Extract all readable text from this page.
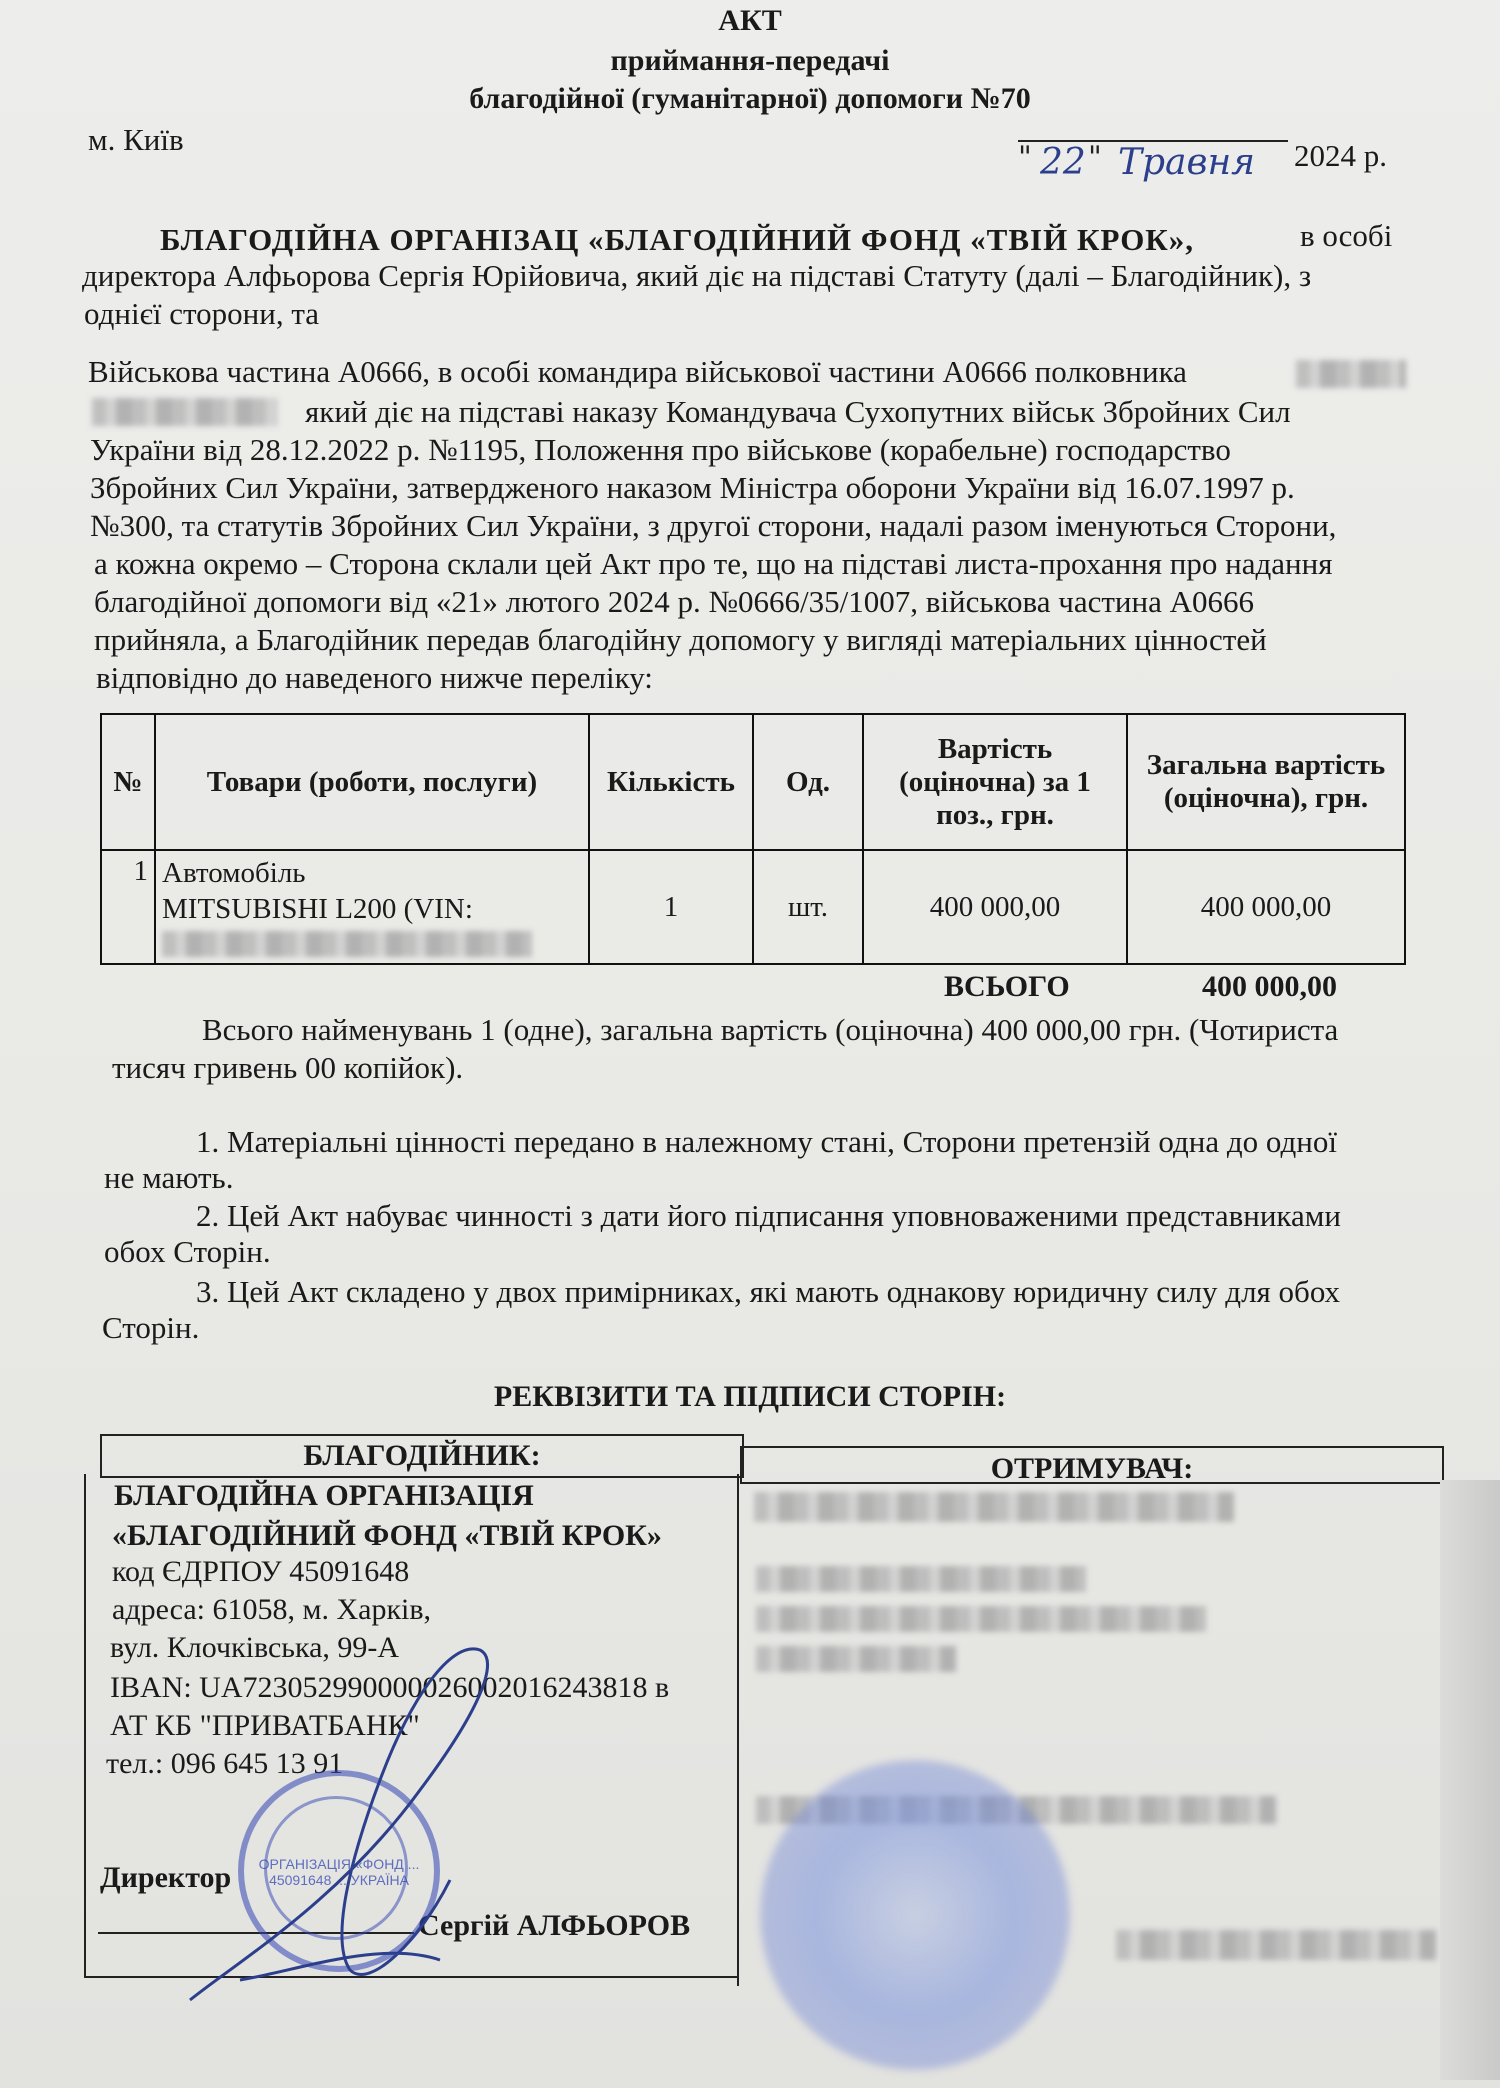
АКТ
приймання-передачі
благодійної (гуманітарної) допомоги №70
м. Київ
" 22 " Травня 2024 р.
БЛАГОДІЙНА ОРГАНІЗАЦ «БЛАГОДІЙНИЙ ФОНД «ТВІЙ КРОК»,	в особі
директора Алфьорова Сергія Юрійовича, який діє на підставі Статуту (далі – Благодійник), з
однієї сторони, та
Військова частина А0666, в особі командира військової частини А0666 полковника
який діє на підставі наказу Командувача Сухопутних військ Збройних Сил
України від 28.12.2022 р. №1195, Положення про військове (корабельне) господарство
Збройних Сил України, затвердженого наказом Міністра оборони України від 16.07.1997 р.
№300, та статутів Збройних Сил України, з другої сторони, надалі разом іменуються Сторони,
а кожна окремо – Сторона склали цей Акт про те, що на підставі листа-прохання про надання
благодійної допомоги від «21» лютого 2024 р. №0666/35/1007, військова частина А0666
прийняла, а Благодійник передав благодійну допомогу у вигляді матеріальних цінностей
відповідно до наведеного нижче переліку:
№	Товари (роботи, послуги)	Кількість	Од.	Вартість (оціночна) за 1 поз., грн.	Загальна вартість (оціночна), грн.
1	Автомобіль
MITSUBISHI L200 (VIN:	1	шт.	400 000,00	400 000,00
ВСЬОГО	400 000,00
Всього найменувань 1 (одне), загальна вартість (оціночна) 400 000,00 грн. (Чотириста
тисяч гривень 00 копійок).
1. Матеріальні цінності передано в належному стані, Сторони претензій одна до одної
не мають.
2. Цей Акт набуває чинності з дати його підписання уповноваженими представниками
обох Сторін.
3. Цей Акт складено у двох примірниках, які мають однакову юридичну силу для обох
Сторін.
РЕКВІЗИТИ ТА ПІДПИСИ СТОРІН:
БЛАГОДІЙНИК:	ОТРИМУВАЧ:
БЛАГОДІЙНА ОРГАНІЗАЦІЯ
«БЛАГОДІЙНИЙ ФОНД «ТВІЙ КРОК»
код ЄДРПОУ 45091648
адреса: 61058, м. Харків,
вул. Клочківська, 99-А
IBAN: UA723052990000026002016243818 в
АТ КБ "ПРИВАТБАНК"
тел.: 096 645 13 91
Директор
Сергій АЛФЬОРОВ
ОРГАНІЗАЦІЯ «ФОНД ... 45091648 ... УКРАЇНА
